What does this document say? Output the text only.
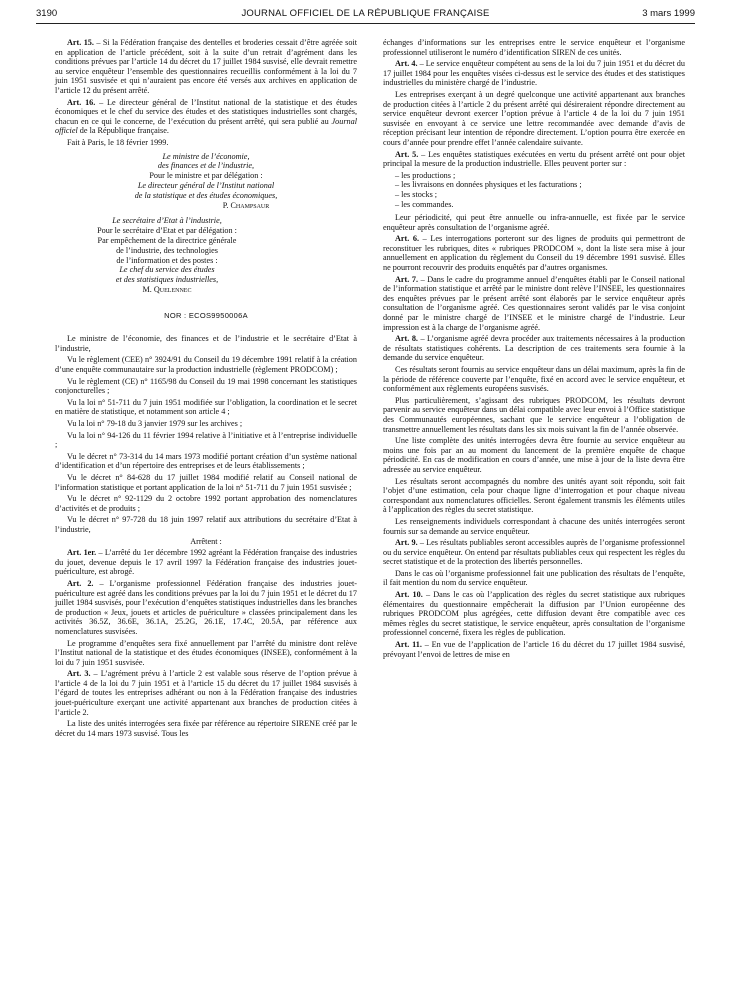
3190	JOURNAL OFFICIEL DE LA RÉPUBLIQUE FRANÇAISE	3 mars 1999

Art. 15. – Si la Fédération française des dentelles et broderies cessait d’être agréée soit en application de l’article précédent, soit à la suite d’un retrait d’agrément dans les conditions prévues par l’article 14 du décret du 17 juillet 1984 susvisé, elle devrait remettre au service enquêteur l’ensemble des questionnaires recueillis conformément à la loi du 7 juin 1951 susvisée et qui n’auraient pas encore été versés aux archives en application de l’article 12 du présent arrêté.

Art. 16. – Le directeur général de l’Institut national de la statistique et des études économiques et le chef du service des études et des statistiques industrielles sont chargés, chacun en ce qui le concerne, de l’exécution du présent arrêté, qui sera publié au Journal officiel de la République française.

Fait à Paris, le 18 février 1999.

Le ministre de l’économie,
des finances et de l’industrie,
Pour le ministre et par délégation :
Le directeur général de l’Institut national
de la statistique et des études économiques,
P. Champsaur
Le secrétaire d’Etat à l’industrie,
Pour le secrétaire d’Etat et par délégation :
Par empêchement de la directrice générale
de l’industrie, des technologies
de l’information et des postes :
Le chef du service des études
et des statistiques industrielles,
M. Quelennec
NOR : ECOS9950006A

Le ministre de l’économie, des finances et de l’industrie et le secrétaire d’Etat à l’industrie,

Vu le règlement (CEE) n° 3924/91 du Conseil du 19 décembre 1991 relatif à la création d’une enquête communautaire sur la production industrielle (règlement PRODCOM) ;

Vu le règlement (CE) n° 1165/98 du Conseil du 19 mai 1998 concernant les statistiques conjoncturelles ;

Vu la loi n° 51-711 du 7 juin 1951 modifiée sur l’obligation, la coordination et le secret en matière de statistique, et notamment son article 4 ;

Vu la loi n° 79-18 du 3 janvier 1979 sur les archives ;

Vu la loi n° 94-126 du 11 février 1994 relative à l’initiative et à l’entreprise individuelle ;

Vu le décret n° 73-314 du 14 mars 1973 modifié portant création d’un système national d’identification et d’un répertoire des entreprises et de leurs établissements ;

Vu le décret n° 84-628 du 17 juillet 1984 modifié relatif au Conseil national de l’information statistique et portant application de la loi n° 51-711 du 7 juin 1951 susvisée ;

Vu le décret n° 92-1129 du 2 octobre 1992 portant approbation des nomenclatures d’activités et de produits ;

Vu le décret n° 97-728 du 18 juin 1997 relatif aux attributions du secrétaire d’Etat à l’industrie,

Arrêtent :

Art. 1er. – L’arrêté du 1er décembre 1992 agréant la Fédération française des industries du jouet, devenue depuis le 17 avril 1997 la Fédération française des industries jouet-puériculture, est abrogé.

Art. 2. – L’organisme professionnel Fédération française des industries jouet-puériculture est agréé dans les conditions prévues par la loi du 7 juin 1951 et le décret du 17 juillet 1984 susvisés, pour l’exécution d’enquêtes statistiques industrielles dans les branches de production « Jeux, jouets et articles de puériculture » classées principalement dans les activités 36.5Z, 36.6E, 36.1A, 25.2G, 26.1E, 17.4C, 20.5A, par référence aux nomenclatures susvisées.

Le programme d’enquêtes sera fixé annuellement par l’arrêté du ministre dont relève l’Institut national de la statistique et des études économiques (INSEE), conformément à la loi du 7 juin 1951 susvisée.

Art. 3. – L’agrément prévu à l’article 2 est valable sous réserve de l’option prévue à l’article 4 de la loi du 7 juin 1951 et à l’article 15 du décret du 17 juillet 1984 susvisés à l’égard de toutes les entreprises adhérant ou non à la Fédération française des industries jouet-puériculture exerçant une activité appartenant aux branches de production citées à l’article 2.

La liste des unités interrogées sera fixée par référence au répertoire SIRENE créé par le décret du 14 mars 1973 susvisé. Tous les

échanges d’informations sur les entreprises entre le service enquêteur et l’organisme professionnel utiliseront le numéro d’identification SIREN de ces unités.

Art. 4. – Le service enquêteur compétent au sens de la loi du 7 juin 1951 et du décret du 17 juillet 1984 pour les enquêtes visées ci-dessus est le service des études et des statistiques industrielles du ministère chargé de l’industrie.

Les entreprises exerçant à un degré quelconque une activité appartenant aux branches de production citées à l’article 2 du présent arrêté qui désireraient répondre directement au service enquêteur devront exercer l’option prévue à l’article 4 de la loi du 7 juin 1951 susvisée en envoyant à ce service une lettre recommandée avec demande d’avis de réception précisant leur intention de répondre directement. L’option pourra être exercée en cours d’année pour prendre effet l’année calendaire suivante.

Art. 5. – Les enquêtes statistiques exécutées en vertu du présent arrêté ont pour objet principal la mesure de la production industrielle. Elles peuvent porter sur :

– les productions ;
– les livraisons en données physiques et les facturations ;
– les stocks ;
– les commandes.

Leur périodicité, qui peut être annuelle ou infra-annuelle, est fixée par le service enquêteur après consultation de l’organisme agréé.

Art. 6. – Les interrogations porteront sur des lignes de produits qui permettront de reconstituer les rubriques, dites « rubriques PRODCOM », dont la liste sera mise à jour annuellement en application du règlement du Conseil du 19 décembre 1991 susvisé. Elles ne pourront recouvrir des produits enquêtés par d’autres organismes.

Art. 7. – Dans le cadre du programme annuel d’enquêtes établi par le Conseil national de l’information statistique et arrêté par le ministre dont relève l’INSEE, les questionnaires des enquêtes prévues par le présent arrêté sont élaborés par le service enquêteur après consultation de l’organisme agréé. Ces questionnaires seront validés par le visa conjoint donné par le ministre chargé de l’INSEE et le ministre chargé de l’industrie. Leur impression est à la charge de l’organisme agréé.

Art. 8. – L’organisme agréé devra procéder aux traitements nécessaires à la production de résultats statistiques cohérents. La description de ces traitements sera fournie à la demande du service enquêteur.

Ces résultats seront fournis au service enquêteur dans un délai maximum, après la fin de la période de référence couverte par l’enquête, fixé en accord avec le service enquêteur, et conformément aux règlements européens susvisés.

Plus particulièrement, s’agissant des rubriques PRODCOM, les résultats devront parvenir au service enquêteur dans un délai compatible avec leur envoi à l’Office statistique des Communautés européennes, sachant que le service enquêteur a l’obligation de transmettre annuellement les résultats dans les six mois suivant la fin de l’année observée.

Une liste complète des unités interrogées devra être fournie au service enquêteur au moins une fois par an au moment du lancement de la première enquête de chaque périodicité. En cas de modification en cours d’année, une mise à jour de la liste devra être adressée au service enquêteur.

Les résultats seront accompagnés du nombre des unités ayant soit répondu, soit fait l’objet d’une estimation, cela pour chaque ligne d’interrogation et pour chaque niveau correspondant aux nomenclatures officielles. Seront également transmis les éléments utiles à l’application des règles du secret statistique.

Les renseignements individuels correspondant à chacune des unités interrogées seront fournis sur sa demande au service enquêteur.

Art. 9. – Les résultats publiables seront accessibles auprès de l’organisme professionnel ou du service enquêteur. On entend par résultats publiables ceux qui respectent les règles du secret statistique et de la protection des libertés personnelles.

Dans le cas où l’organisme professionnel fait une publication des résultats de l’enquête, il fait mention du nom du service enquêteur.

Art. 10. – Dans le cas où l’application des règles du secret statistique aux rubriques élémentaires du questionnaire empêcherait la diffusion par l’Union européenne des rubriques PRODCOM plus agrégées, cette diffusion devant être compatible avec ces mêmes règles du secret statistique, le service enquêteur, après consultation de l’organisme professionnel concerné, fixera les règles de publication.

Art. 11. – En vue de l’application de l’article 16 du décret du 17 juillet 1984 susvisé, prévoyant l’envoi de lettres de mise en
